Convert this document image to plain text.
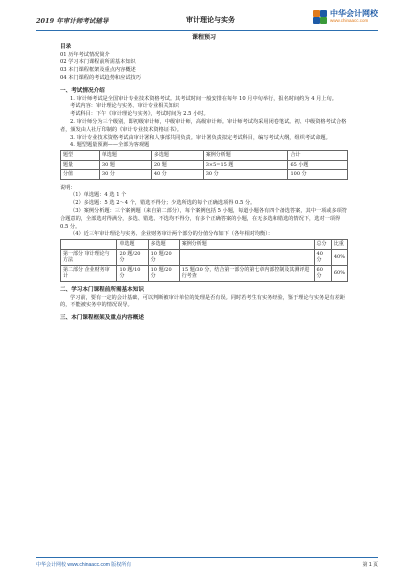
2019 年审计师考试辅导	审计理论与实务
中华会计网校
www.chinaacc.com
课程预习
目录
01 历年考试情况简介
02 学习本门课程前所需基本知识
03 本门课程框架及重点内容概述
04 本门课程的考试趋势和应试技巧
一、考试情况介绍
1. 审计师考试是全国审计专业技术资格考试。其考试时间一般安排在每年 10 月中旬举行，报名时间约为 4 月上旬。
考试内容：审计理论与实务、审计专业相关知识
考试科目：下午《审计理论与实务》，考试时间为 2.5 小时。
2. 审计师分为三个级别，即初级审计师，中级审计师，高级审计师。审计师考试均采用闭卷笔试。初、中级资格考试合格者，颁发由人社厅印制的《审计专业技术资格证书》。
3. 审计专业技术资格考试由审计署和人事部共同负责。审计署负责拟定考试科目，编写考试大纲，组织考试命题。
4. 题型题量预测——全部为客观题
题型	单选题	多选题	案例分析题	合计
题量	30 题	20 题	3×5=15 题	65 小题
分值	30 分	40 分	30 分	100 分
说明：
（1）单选题：4 选 1 个
（2）多选题：5 选 2～4 个，错选不得分；少选所选的每个正确选项得 0.5 分。
（3）案例分析题：三个案例题（来自第二部分），每个案例包括 5 小题，每道小题各有四个备选答案，其中一项或多项符合题意的，全部选对得满分，多选、错选、不选均不得分，有多个正确答案的小题，在无多选和错选的情况下，选对一项得 0.5 分。
（4）近三年审计理论与实务、企业财务审计两个部分的分值分布如下（各年相对均衡）：
	单选题	多选题	案例分析题	总分	比重
第一部分 审计理论与方法	20 题/20 分	10 题/20 分		40 分	40%
第二部分 企业财务审计	10 题/10 分	10 题/20 分	15 题/30 分，结合第一部分的第七章内部控制及其测评进行考查	60 分	60%
二、学习本门课程前所需基本知识
学习前，要有一定的会计基础，可以判断被审计单位的处理是否有误。同时若考生有实务经验，鉴于理论与实务是有差距的，不能被实务中的情况误导。
三、本门课程框架及重点内容概述
中华会计网校 www.chinaacc.com 版权所有	第 1 页
